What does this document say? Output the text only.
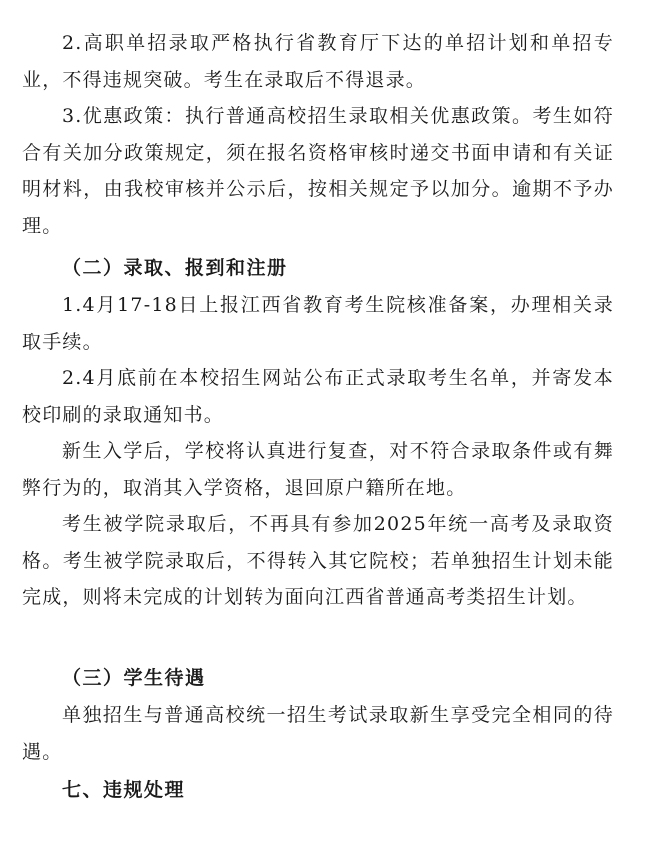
2.高职单招录取严格执行省教育厅下达的单招计划和单招专业，不得违规突破。考生在录取后不得退录。

3.优惠政策：执行普通高校招生录取相关优惠政策。考生如符合有关加分政策规定，须在报名资格审核时递交书面申请和有关证明材料，由我校审核并公示后，按相关规定予以加分。逾期不予办理。

（二）录取、报到和注册

1.4月17-18日上报江西省教育考生院核准备案，办理相关录取手续。

2.4月底前在本校招生网站公布正式录取考生名单，并寄发本校印刷的录取通知书。

新生入学后，学校将认真进行复查，对不符合录取条件或有舞弊行为的，取消其入学资格，退回原户籍所在地。

考生被学院录取后，不再具有参加2025年统一高考及录取资格。考生被学院录取后，不得转入其它院校；若单独招生计划未能完成，则将未完成的计划转为面向江西省普通高考类招生计划。

（三）学生待遇

单独招生与普通高校统一招生考试录取新生享受完全相同的待遇。

七、违规处理
